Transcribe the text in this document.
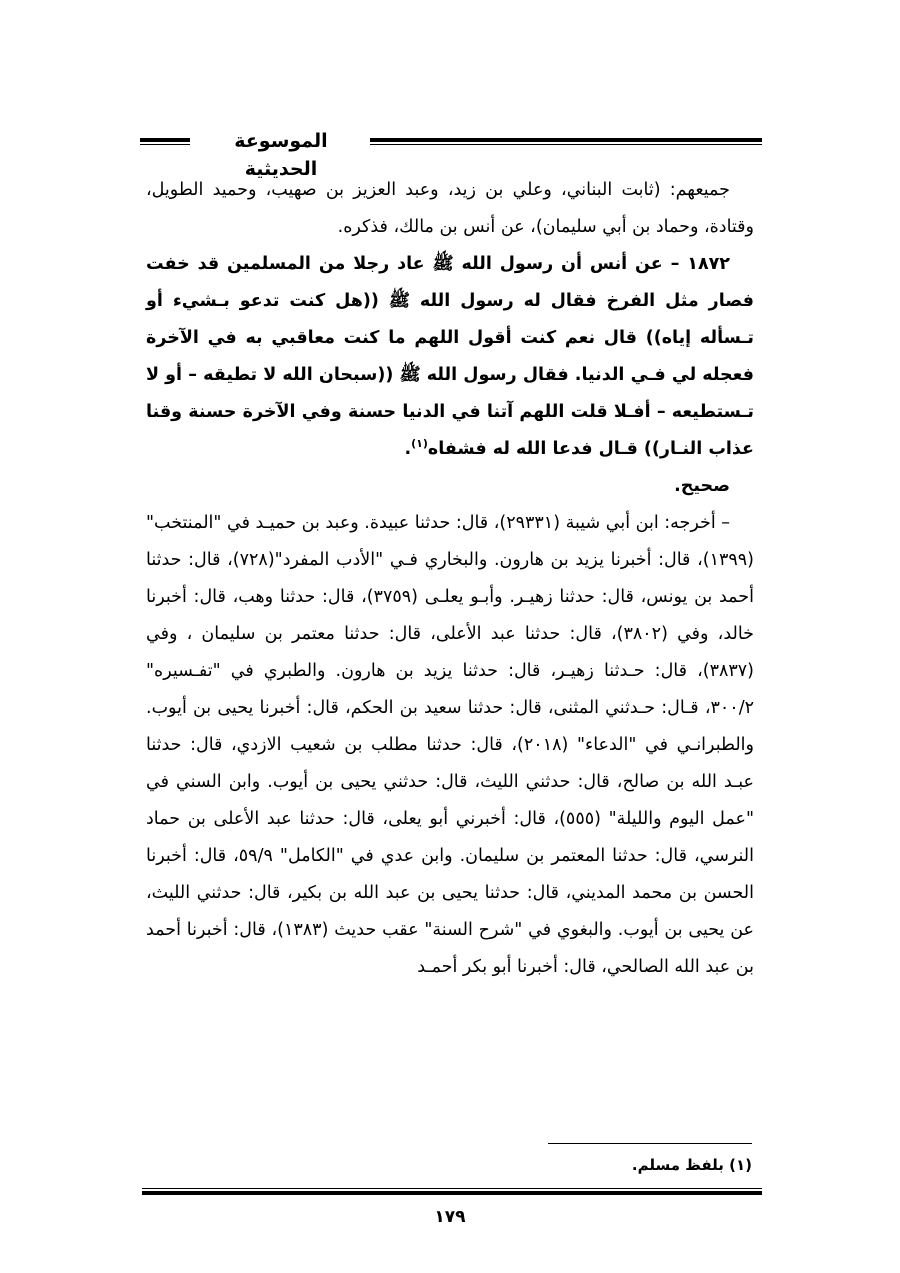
الموسوعة الحديثية

جميعهم: (ثابت البناني، وعلي بن زيد، وعبد العزيز بن صهيب، وحميد الطويل، وقتادة، وحماد بن أبي سليمان)، عن أنس بن مالك، فذكره.

١٨٧٢ – عن أنس أن رسول الله ﷺ عاد رجلا من المسلمين قد خفت فصار مثل الفرخ فقال له رسول الله ﷺ ((هل كنت تدعو بـشيء أو تـسأله إياه)) قال نعم كنت أقول اللهم ما كنت معاقبي به في الآخرة فعجله لي فـي الدنيا. فقال رسول الله ﷺ ((سبحان الله لا تطيقه – أو لا تـستطيعه – أفـلا قلت اللهم آتنا في الدنيا حسنة وفي الآخرة حسنة وقنا عذاب النـار)) قـال فدعا الله له فشفاه$^{(١)}$.

صحيح.

– أخرجه: ابن أبي شيبة (٢٩٣٣١)، قال: حدثنا عبيدة. وعبد بن حميـد في "المنتخب" (١٣٩٩)، قال: أخبرنا يزيد بن هارون. والبخاري فـي "الأدب المفرد"(٧٢٨)، قال: حدثنا أحمد بن يونس، قال: حدثنا زهيـر. وأبـو يعلـى (٣٧٥٩)، قال: حدثنا وهب، قال: أخبرنا خالد، وفي (٣٨٠٢)، قال: حدثنا عبد الأعلى، قال: حدثنا معتمر بن سليمان ، وفي (٣٨٣٧)، قال: حـدثنا زهيـر، قال: حدثنا يزيد بن هارون. والطبري في "تفـسيره" ٣٠٠/٢، قـال: حـدثني المثنى، قال: حدثنا سعيد بن الحكم، قال: أخبرنا يحيى بن أيوب. والطبرانـي في "الدعاء" (٢٠١٨)، قال: حدثنا مطلب بن شعيب الازدي، قال: حدثنا عبـد الله بن صالح، قال: حدثني الليث، قال: حدثني يحيى بن أيوب. وابن السني في "عمل اليوم والليلة" (٥٥٥)، قال: أخبرني أبو يعلى، قال: حدثنا عبد الأعلى بن حماد النرسي، قال: حدثنا المعتمر بن سليمان. وابن عدي في "الكامل" ٥٩/٩، قال: أخبرنا الحسن بن محمد المديني، قال: حدثنا يحيى بن عبد الله بن بكير، قال: حدثني الليث، عن يحيى بن أيوب. والبغوي في "شرح السنة" عقب حديث (١٣٨٣)، قال: أخبرنا أحمد بن عبد الله الصالحي، قال: أخبرنا أبو بكر أحمـد

(١) بلفظ مسلم.
١٧٩
